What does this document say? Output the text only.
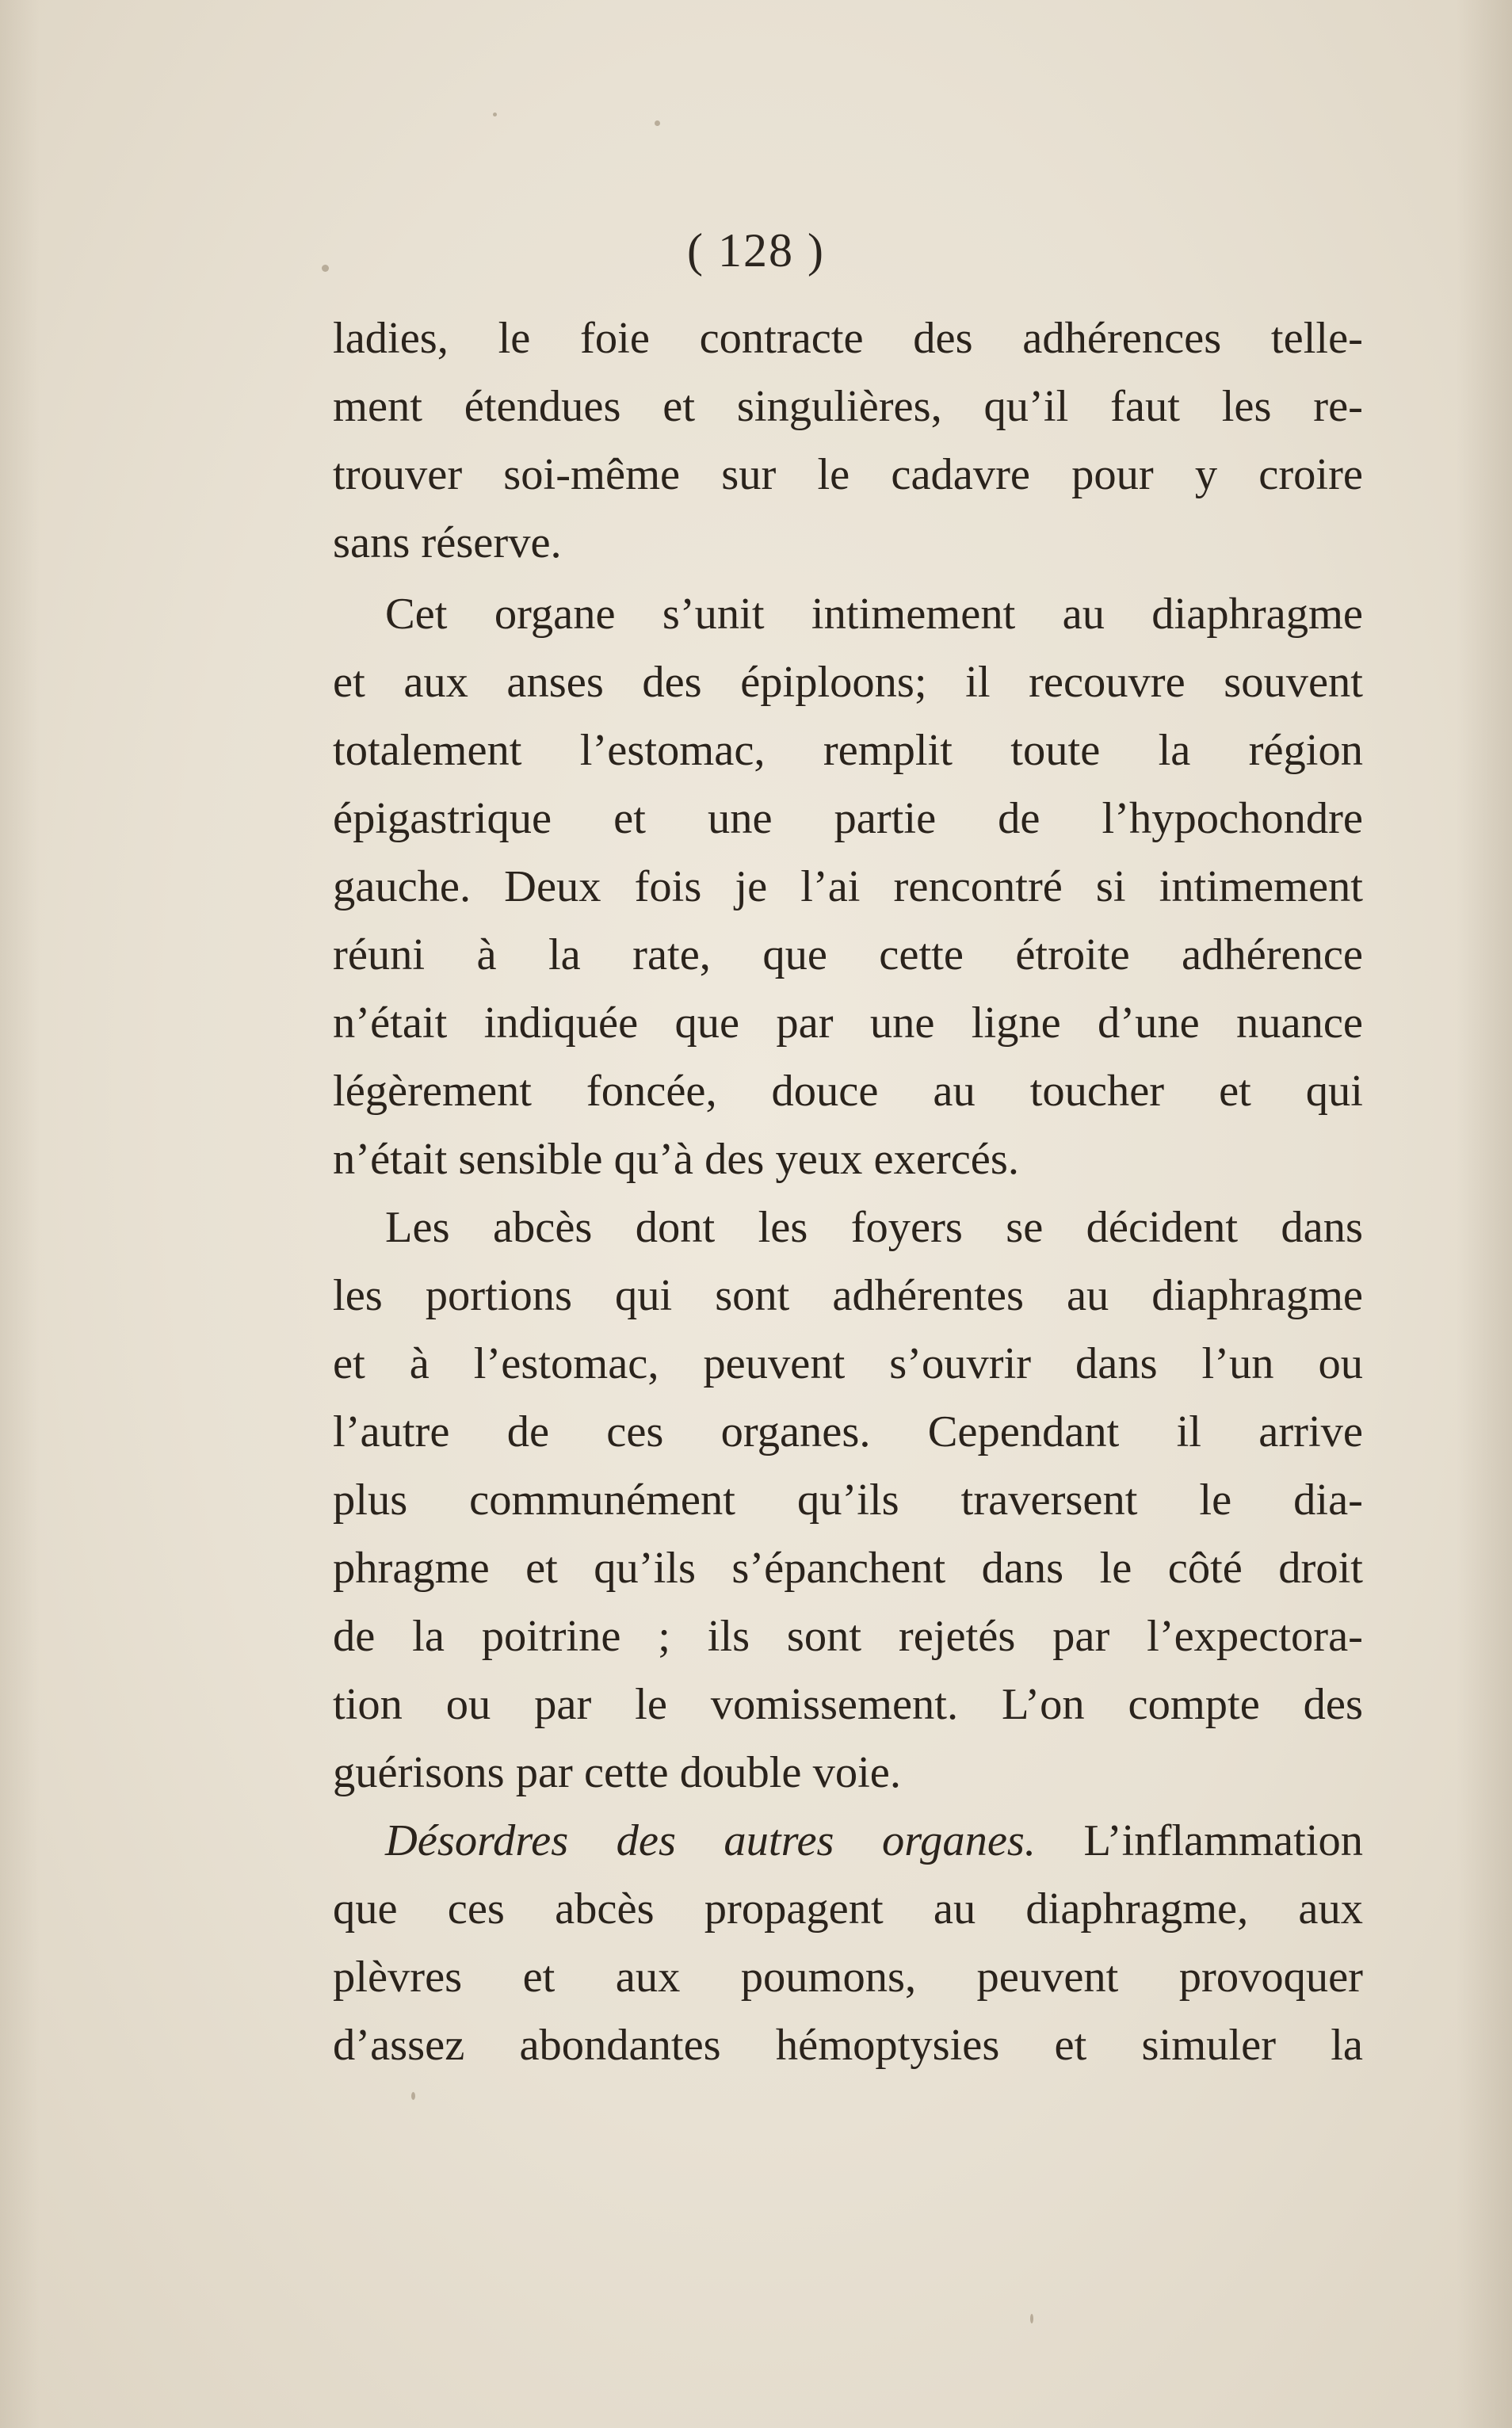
( 128 )
ladies, le foie contracte des adhérences telle-
ment étendues et singulières, qu’il faut les re-
trouver soi-même sur le cadavre pour y croire
sans réserve.
Cet organe s’unit intimement au diaphragme
et aux anses des épiploons; il recouvre souvent
totalement l’estomac, remplit toute la région
épigastrique et une partie de l’hypochondre
gauche. Deux fois je l’ai rencontré si intimement
réuni à la rate, que cette étroite adhérence
n’était indiquée que par une ligne d’une nuance
légèrement foncée, douce au toucher et qui
n’était sensible qu’à des yeux exercés.
Les abcès dont les foyers se décident dans
les portions qui sont adhérentes au diaphragme
et à l’estomac, peuvent s’ouvrir dans l’un ou
l’autre de ces organes. Cependant il arrive
plus communément qu’ils traversent le dia-
phragme et qu’ils s’épanchent dans le côté droit
de la poitrine ; ils sont rejetés par l’expectora-
tion ou par le vomissement. L’on compte des
guérisons par cette double voie.
Désordres des autres organes. L’inflammation
que ces abcès propagent au diaphragme, aux
plèvres et aux poumons, peuvent provoquer
d’assez abondantes hémoptysies et simuler la
